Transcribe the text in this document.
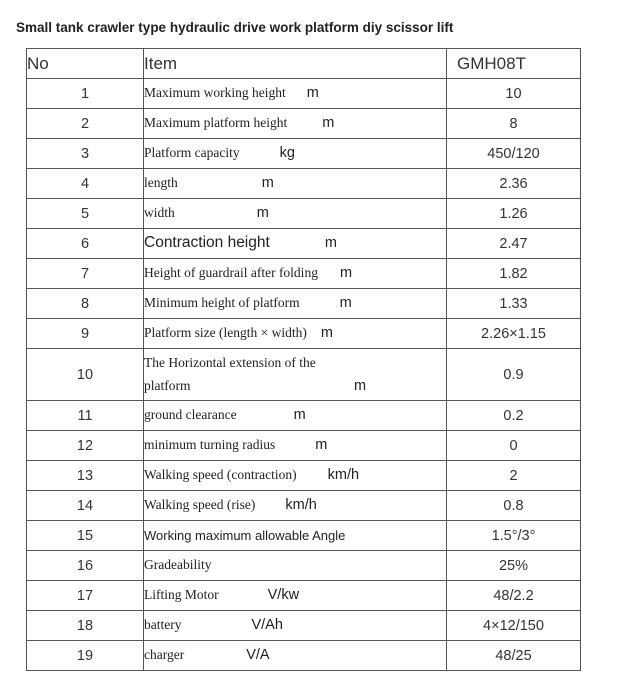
Small tank crawler type hydraulic drive work platform diy scissor lift
No	Item	GMH08T
1	Maximum working height m	10
2	Maximum platform height m	8
3	Platform capacity kg	450/120
4	length m	2.36
5	width m	1.26
6	Contraction height m	2.47
7	Height of guardrail after folding m	1.82
8	Minimum height of platform m	1.33
9	Platform size (length × width) m	2.26×1.15
10	The Horizontal extension of the platform m	0.9
11	ground clearance m	0.2
12	minimum turning radius m	0
13	Walking speed (contraction) km/h	2
14	Walking speed (rise) km/h	0.8
15	Working maximum allowable Angle	1.5°/3°
16	Gradeability	25%
17	Lifting Motor V/kw	48/2.2
18	battery V/Ah	4×12/150
19	charger V/A	48/25
